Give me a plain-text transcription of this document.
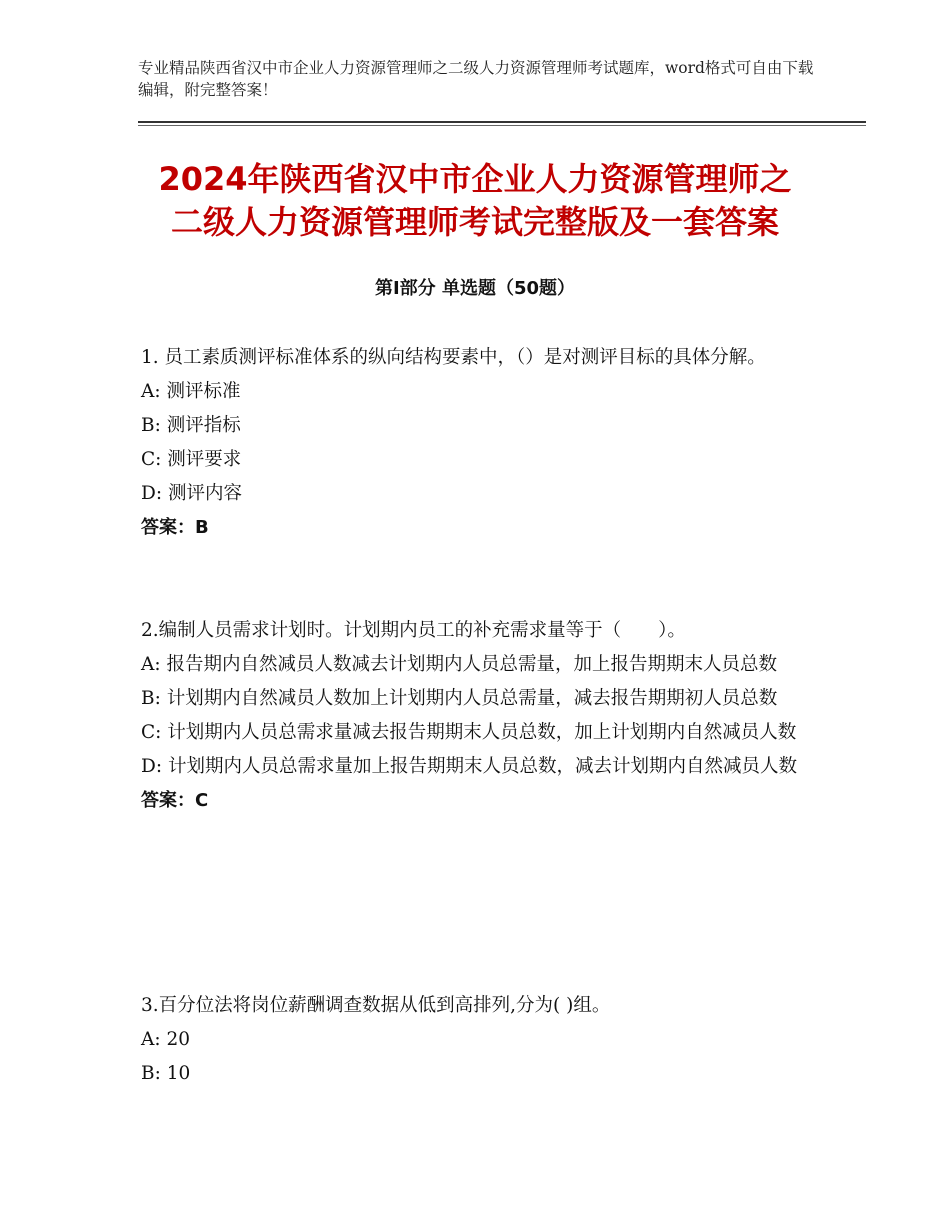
专业精品陕西省汉中市企业人力资源管理师之二级人力资源管理师考试题库，word格式可自由下载编辑，附完整答案！
2024年陕西省汉中市企业人力资源管理师之
二级人力资源管理师考试完整版及一套答案
第Ⅰ部分 单选题（50题）

1. 员工素质测评标准体系的纵向结构要素中，（）是对测评目标的具体分解。

A: 测评标准

B: 测评指标

C: 测评要求

D: 测评内容

答案：B

2.编制人员需求计划时。计划期内员工的补充需求量等于（　　）。

A: 报告期内自然减员人数减去计划期内人员总需量，加上报告期期末人员总数

B: 计划期内自然减员人数加上计划期内人员总需量，减去报告期期初人员总数

C: 计划期内人员总需求量减去报告期期末人员总数，加上计划期内自然减员人数

D: 计划期内人员总需求量加上报告期期末人员总数，减去计划期内自然减员人数

答案：C

3.百分位法将岗位薪酬调查数据从低到高排列,分为( )组。

A: 20

B: 10
